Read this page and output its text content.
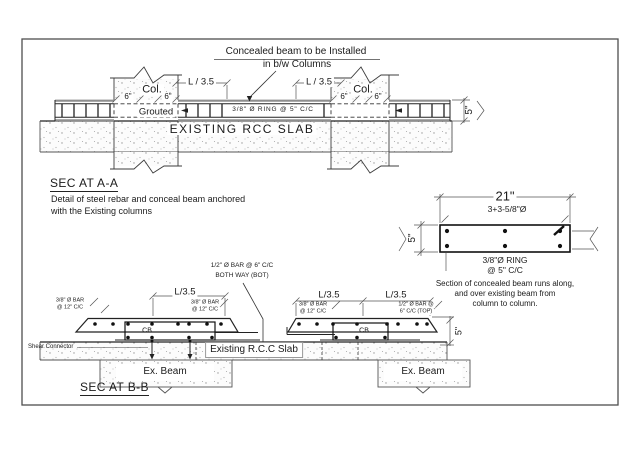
Concealed beam to be Installed
in b/w Columns
Col.	Col.
L / 3.5	L / 3.5
6"	6"	6"	6"
Grouted	3/8" Ø RING @ 5" C/C
EXISTING RCC SLAB
5"
SEC AT A-A
Detail of steel rebar and conceal beam anchored
with the Existing columns
21"
3+3-5/8"Ø
5"
3/8"Ø RING
@ 5" C/C
Section of concealed beam runs along,
and over existing beam from
column to column.
1/2" Ø BAR @ 6" C/C
BOTH WAY (BOT)
L/3.5	L/3.5	L/3.5
3/8" Ø BAR
@ 12" C/C
3/8" Ø BAR
@ 12" C/C
3/8" Ø BAR
@ 12" C/C
1/2" Ø BAR @
6" C/C (TOP)
CB	CB
Shear Connector	Existing R.C.C Slab
Ex. Beam	Ex. Beam
5"
SEC AT B-B
